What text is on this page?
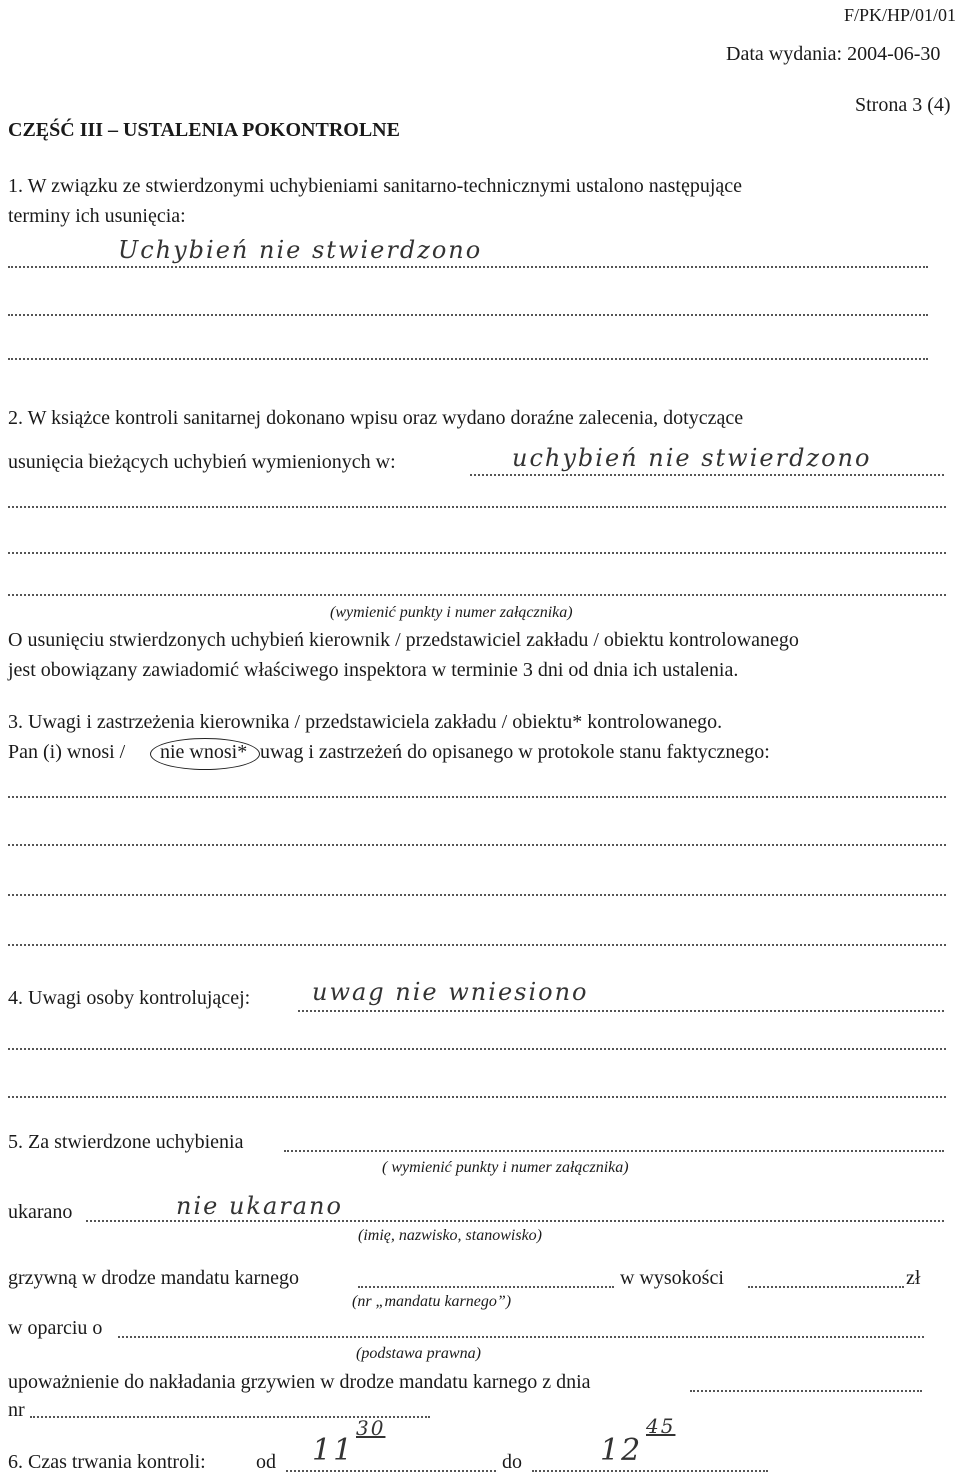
F/PK/HP/01/01
Data wydania: 2004-06-30
Strona 3 (4)
CZĘŚĆ III – USTALENIA POKONTROLNE
1. W związku ze stwierdzonymi uchybieniami sanitarno-technicznymi ustalono następujące
terminy ich usunięcia:
Uchybień nie stwierdzono
2. W książce kontroli sanitarnej dokonano wpisu oraz wydano doraźne zalecenia, dotyczące
usunięcia bieżących uchybień wymienionych w:	uchybień nie stwierdzono
(wymienić punkty i numer załącznika)
O usunięciu stwierdzonych uchybień kierownik / przedstawiciel zakładu / obiektu kontrolowanego
jest obowiązany zawiadomić właściwego inspektora w terminie 3 dni od dnia ich ustalenia.
3. Uwagi i zastrzeżenia kierownika / przedstawiciela zakładu / obiektu* kontrolowanego.
Pan (i) wnosi / nie wnosi* uwag i zastrzeżeń do opisanego w protokole stanu faktycznego:
4. Uwagi osoby kontrolującej:	uwag nie wniesiono
5. Za stwierdzone uchybienia
( wymienić punkty i numer załącznika)
ukarano	nie ukarano
(imię, nazwisko, stanowisko)
grzywną w drodze mandatu karnego	w wysokości	zł
(nr „mandatu karnego”)
w oparciu o
(podstawa prawna)
upoważnienie do nakładania grzywien w drodze mandatu karnego z dnia
nr
6. Czas trwania kontroli:	od 11
30
do	12
45
